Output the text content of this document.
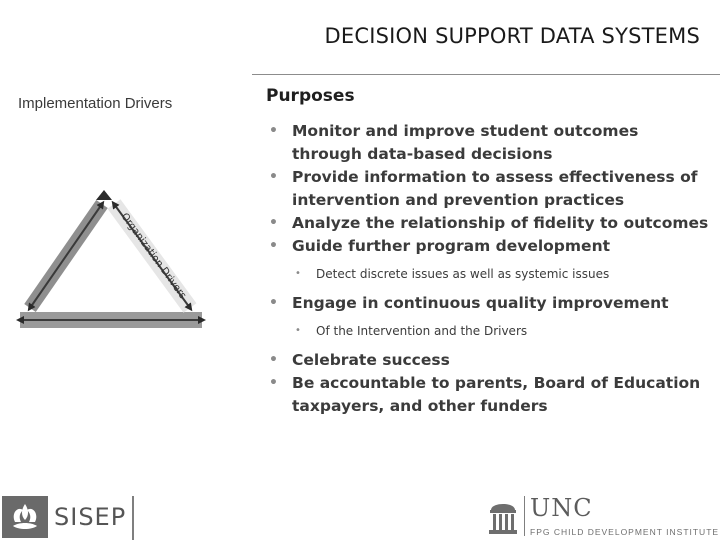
DECISION SUPPORT DATA SYSTEMS
Implementation Drivers
Organization Drivers
Purposes
• Monitor and improve student outcomes through data-based decisions
• Provide information to assess effectiveness of intervention and prevention practices
• Analyze the relationship of fidelity to outcomes
• Guide further program development
• Detect discrete issues as well as systemic issues
• Engage in continuous quality improvement
• Of the Intervention and the Drivers
• Celebrate success
• Be accountable to parents, Board of Education taxpayers, and other funders
SISEP	UNC
FPG CHILD DEVELOPMENT INSTITUTE
